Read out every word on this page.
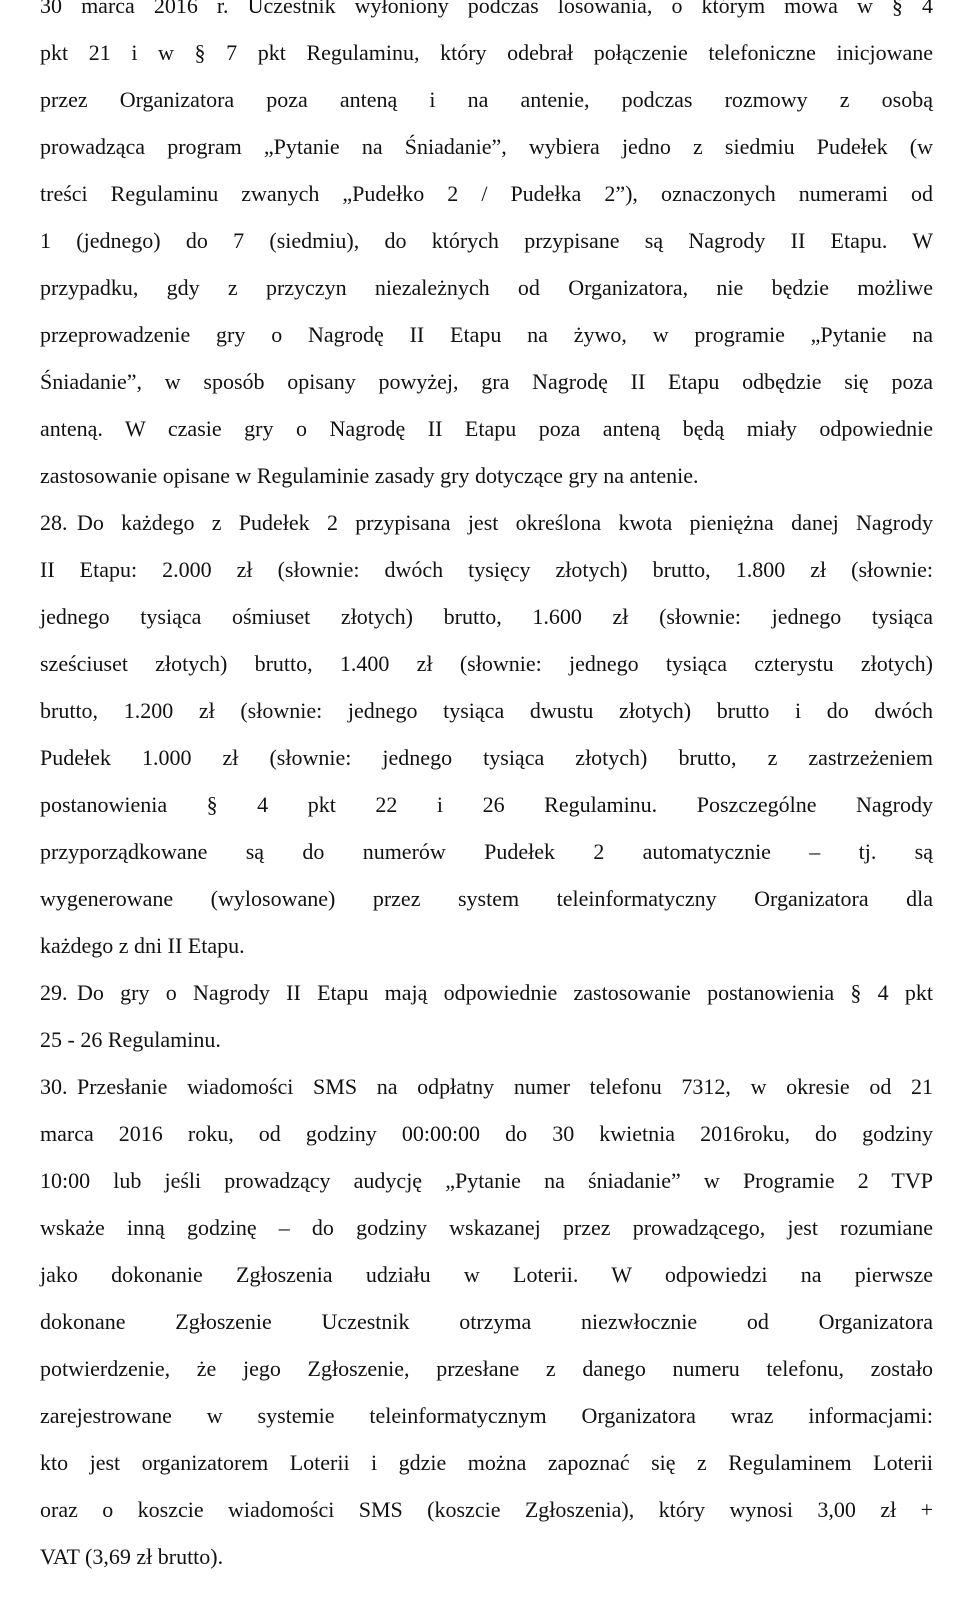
30 marca 2016 r. Uczestnik wyłoniony podczas losowania, o którym mowa w § 4
pkt 21 i w § 7 pkt Regulaminu, który odebrał połączenie telefoniczne inicjowane
przez Organizatora poza anteną i na antenie, podczas rozmowy z osobą
prowadząca program „Pytanie na Śniadanie”, wybiera jedno z siedmiu Pudełek (w
treści Regulaminu zwanych „Pudełko 2 / Pudełka 2”), oznaczonych numerami od
1 (jednego) do 7 (siedmiu), do których przypisane są Nagrody II Etapu. W
przypadku, gdy z przyczyn niezależnych od Organizatora, nie będzie możliwe
przeprowadzenie gry o Nagrodę II Etapu na żywo, w programie „Pytanie na
Śniadanie”, w sposób opisany powyżej, gra Nagrodę II Etapu odbędzie się poza
anteną. W czasie gry o Nagrodę II Etapu poza anteną będą miały odpowiednie
zastosowanie opisane w Regulaminie zasady gry dotyczące gry na antenie.
28. Do każdego z Pudełek 2 przypisana jest określona kwota pieniężna danej Nagrody
II Etapu: 2.000 zł (słownie: dwóch tysięcy złotych) brutto, 1.800 zł (słownie:
jednego tysiąca ośmiuset złotych) brutto, 1.600 zł (słownie: jednego tysiąca
sześciuset złotych) brutto, 1.400 zł (słownie: jednego tysiąca czterystu złotych)
brutto, 1.200 zł (słownie: jednego tysiąca dwustu złotych) brutto i do dwóch
Pudełek 1.000 zł (słownie: jednego tysiąca złotych) brutto, z zastrzeżeniem
postanowienia § 4 pkt 22 i 26 Regulaminu. Poszczególne Nagrody
przyporządkowane są do numerów Pudełek 2 automatycznie – tj. są
wygenerowane (wylosowane) przez system teleinformatyczny Organizatora dla
każdego z dni II Etapu.
29. Do gry o Nagrody II Etapu mają odpowiednie zastosowanie postanowienia § 4 pkt
25 - 26 Regulaminu.
30. Przesłanie wiadomości SMS na odpłatny numer telefonu 7312, w okresie od 21
marca 2016 roku, od godziny 00:00:00 do 30 kwietnia 2016roku, do godziny
10:00 lub jeśli prowadzący audycję „Pytanie na śniadanie” w Programie 2 TVP
wskaże inną godzinę – do godziny wskazanej przez prowadzącego, jest rozumiane
jako dokonanie Zgłoszenia udziału w Loterii. W odpowiedzi na pierwsze
dokonane Zgłoszenie Uczestnik otrzyma niezwłocznie od Organizatora
potwierdzenie, że jego Zgłoszenie, przesłane z danego numeru telefonu, zostało
zarejestrowane w systemie teleinformatycznym Organizatora wraz informacjami:
kto jest organizatorem Loterii i gdzie można zapoznać się z Regulaminem Loterii
oraz o koszcie wiadomości SMS (koszcie Zgłoszenia), który wynosi 3,00 zł +
VAT (3,69 zł brutto).
